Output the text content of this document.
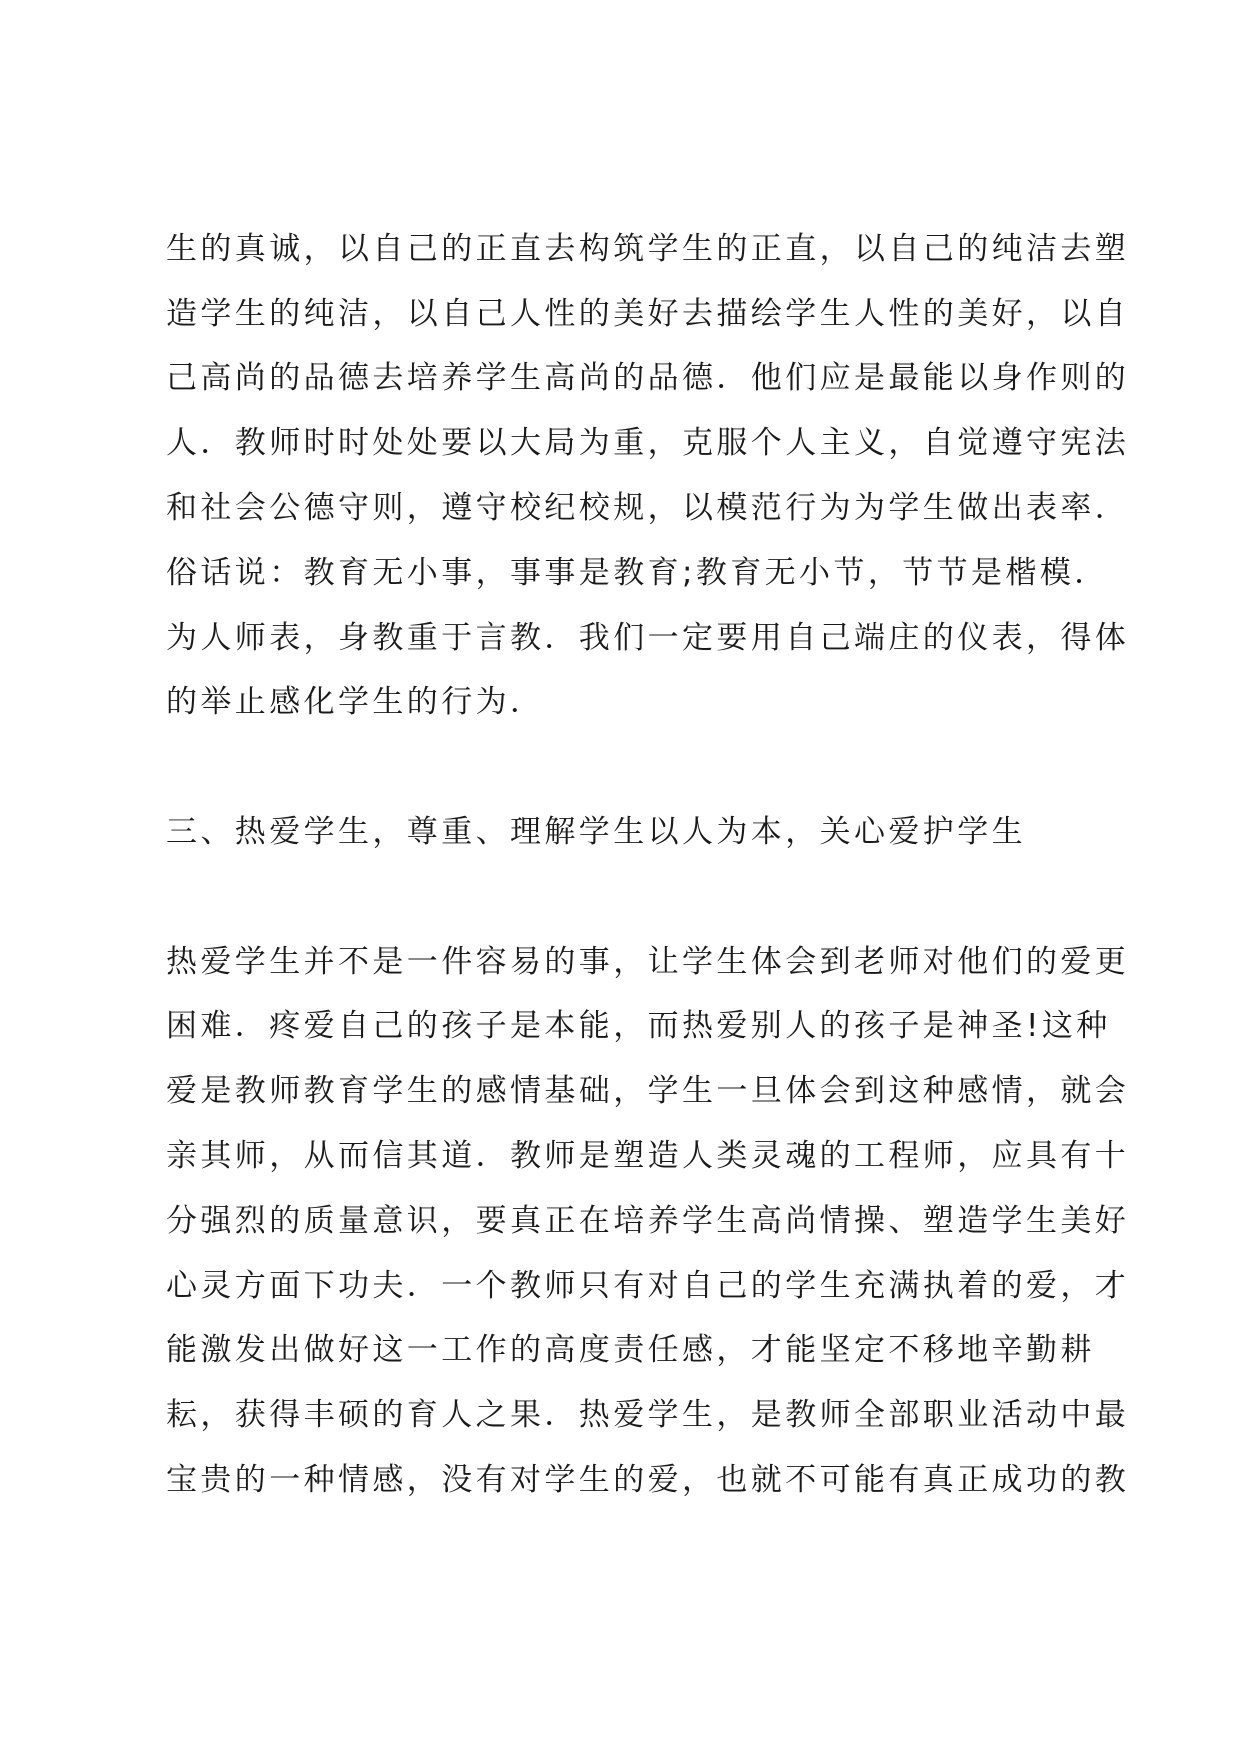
生的真诚，以自己的正直去构筑学生的正直，以自己的纯洁去塑
造学生的纯洁，以自己人性的美好去描绘学生人性的美好，以自
己高尚的品德去培养学生高尚的品德．他们应是最能以身作则的
人．教师时时处处要以大局为重，克服个人主义，自觉遵守宪法
和社会公德守则，遵守校纪校规，以模范行为为学生做出表率．
俗话说：教育无小事，事事是教育;教育无小节，节节是楷模．
为人师表，身教重于言教．我们一定要用自己端庄的仪表，得体
的举止感化学生的行为．
三、热爱学生，尊重、理解学生以人为本，关心爱护学生
热爱学生并不是一件容易的事，让学生体会到老师对他们的爱更
困难．疼爱自己的孩子是本能，而热爱别人的孩子是神圣!这种
爱是教师教育学生的感情基础，学生一旦体会到这种感情，就会
亲其师，从而信其道．教师是塑造人类灵魂的工程师，应具有十
分强烈的质量意识，要真正在培养学生高尚情操、塑造学生美好
心灵方面下功夫．一个教师只有对自己的学生充满执着的爱，才
能激发出做好这一工作的高度责任感，才能坚定不移地辛勤耕
耘，获得丰硕的育人之果．热爱学生，是教师全部职业活动中最
宝贵的一种情感，没有对学生的爱，也就不可能有真正成功的教
